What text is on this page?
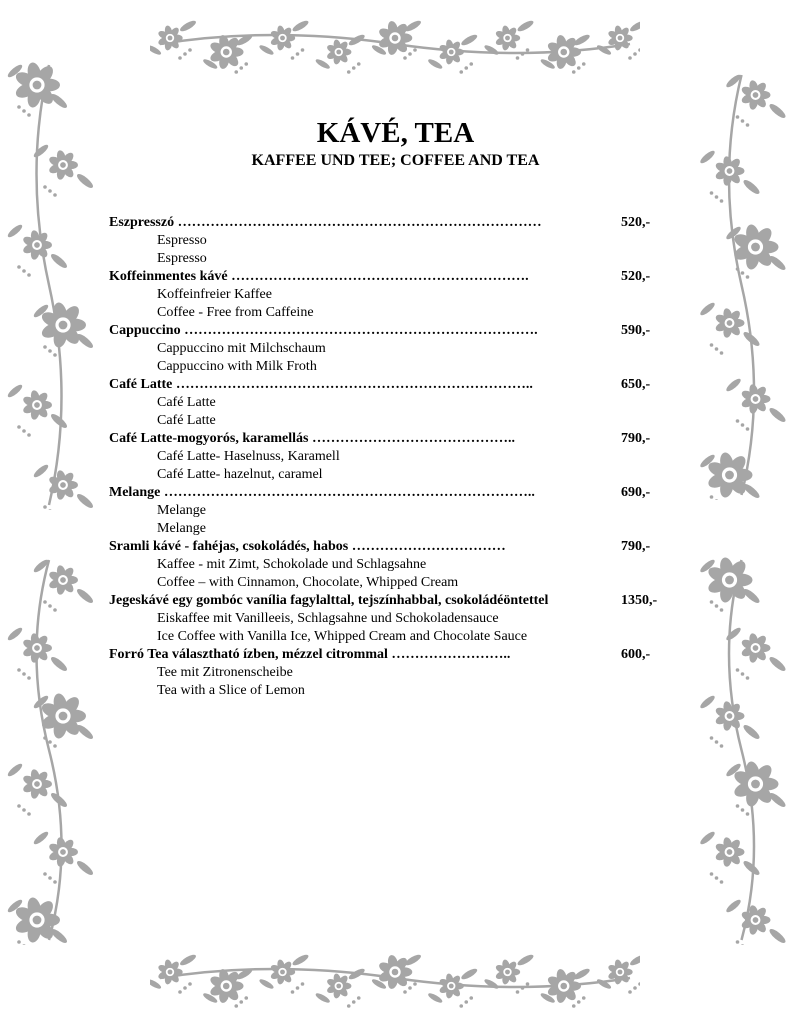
KÁVÉ, TEA
KAFFEE UND TEE; COFFEE AND TEA
Eszpresszó ……………………………………………………………………	520,-
Espresso
Espresso
Koffeinmentes kávé ……………………………………………………….	520,-
Koffeinfreier Kaffee
Coffee - Free from Caffeine
Cappuccino ………………………………………………………………….	590,-
Cappuccino mit Milchschaum
Cappuccino with Milk Froth
Café Latte …………………………………………………………………..	650,-
Café Latte
Café Latte
Café Latte-mogyorós, karamellás ……………………………………..	790,-
Café Latte- Haselnuss, Karamell
Café Latte- hazelnut, caramel
Melange ……………………………………………………………………..	690,-
Melange
Melange
Sramli kávé - fahéjas, csokoládés, habos ……………………………	790,-
Kaffee - mit Zimt, Schokolade und Schlagsahne
Coffee – with Cinnamon, Chocolate, Whipped Cream
Jegeskávé egy gombóc vanília fagylalttal, tejszínhabbal, csokoládéöntettel	1350,-
Eiskaffee mit Vanilleeis, Schlagsahne und Schokoladensauce
Ice Coffee with Vanilla Ice, Whipped Cream and Chocolate Sauce
Forró Tea választható ízben, mézzel citrommal ……………………..	600,-
Tee mit Zitronenscheibe
Tea with a Slice of Lemon
